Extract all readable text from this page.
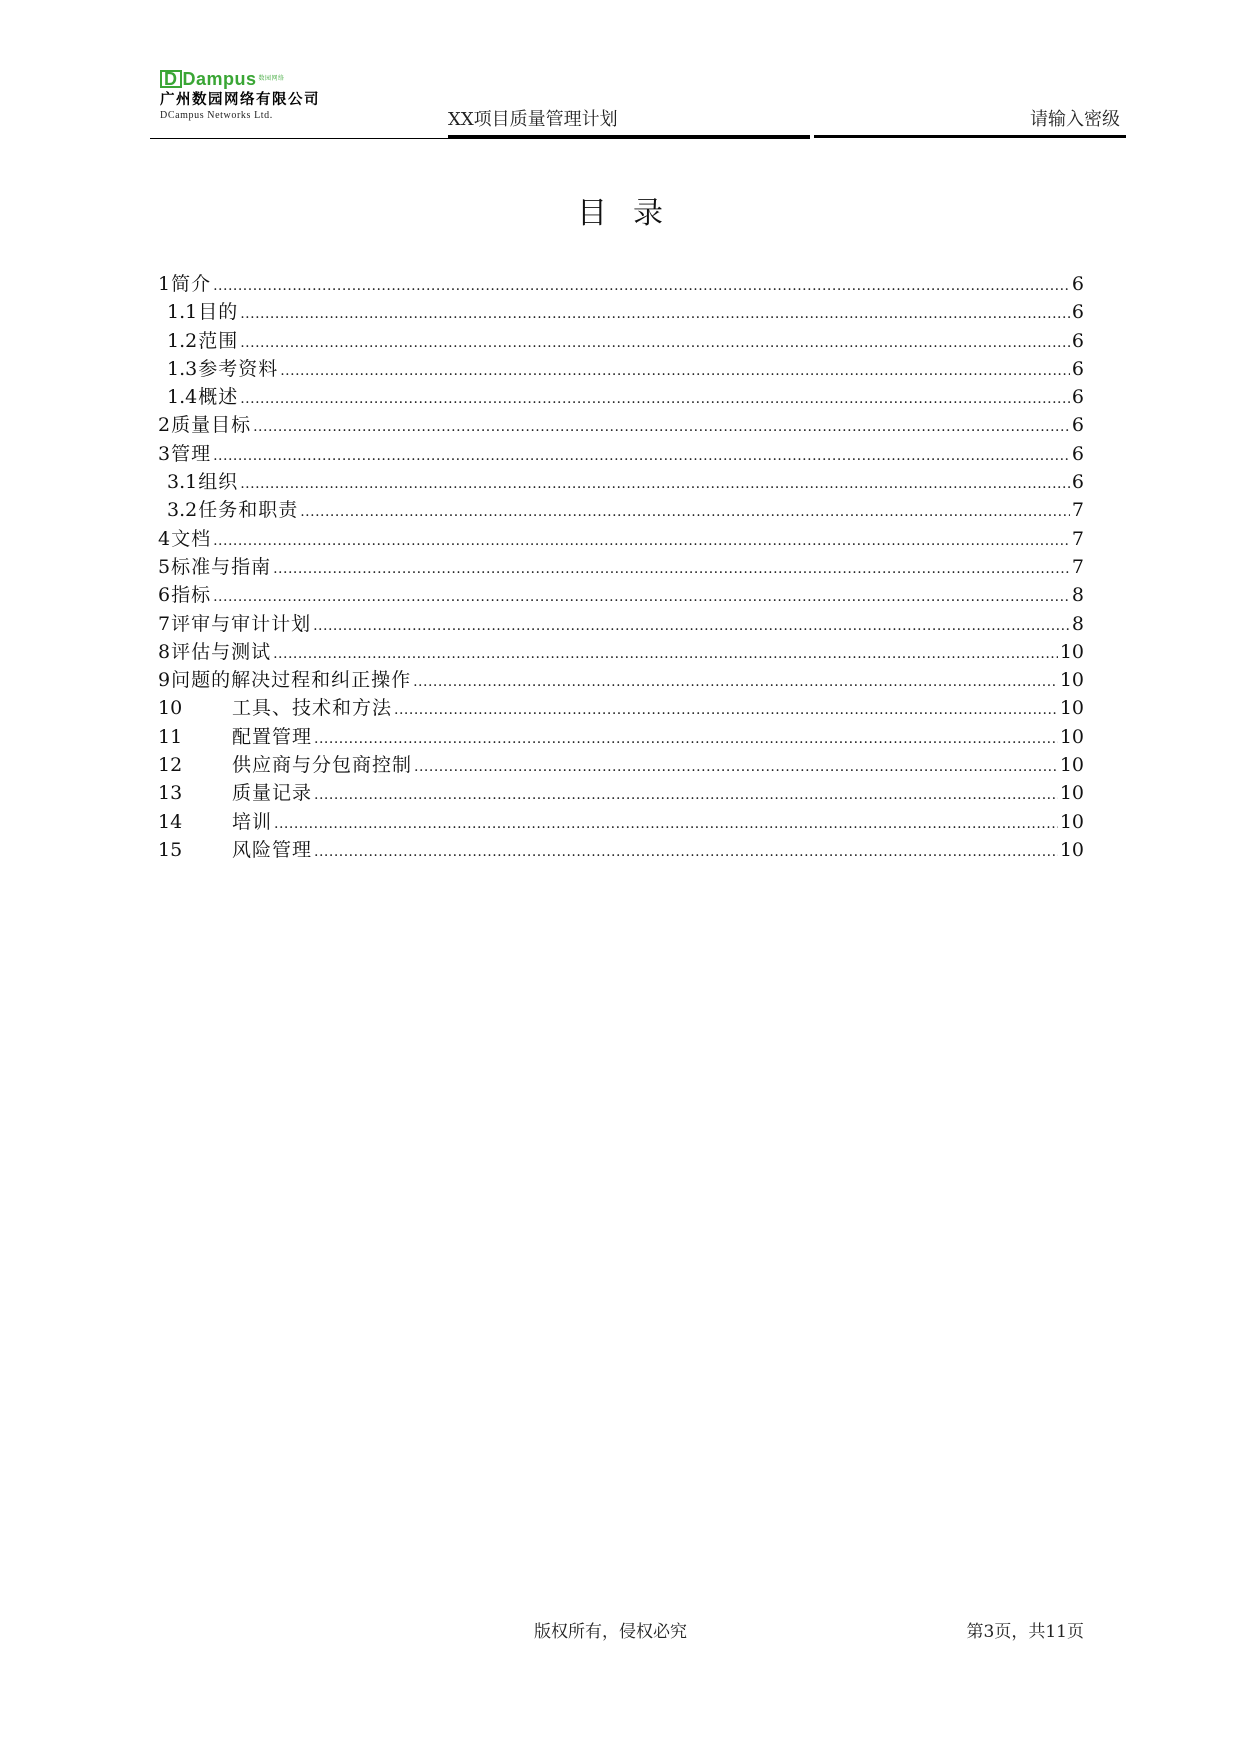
D Dampus $^{数园网络}$
广州数园网络有限公司
DCampus Networks Ltd.	XX项目质量管理计划	请输入密级
目录
1 简介 .....	6
1.1 目的 .....	6
1.2 范围 .....	6
1.3 参考资料 .....	6
1.4 概述 .....	6
2 质量目标 .....	6
3 管理 .....	6
3.1 组织 .....	6
3.2 任务和职责 .....	7
4 文档 .....	7
5 标准与指南 .....	7
6 指标 .....	8
7 评审与审计计划 .....	8
8 评估与测试 .....	10
9 问题的解决过程和纠正操作 .....	10
10	工具、技术和方法 .....	10
11	配置管理 .....	10
12	供应商与分包商控制 .....	10
13	质量记录 .....	10
14	培训 .....	10
15	风险管理 .....	10
版权所有，侵权必究	第3页，共11页
